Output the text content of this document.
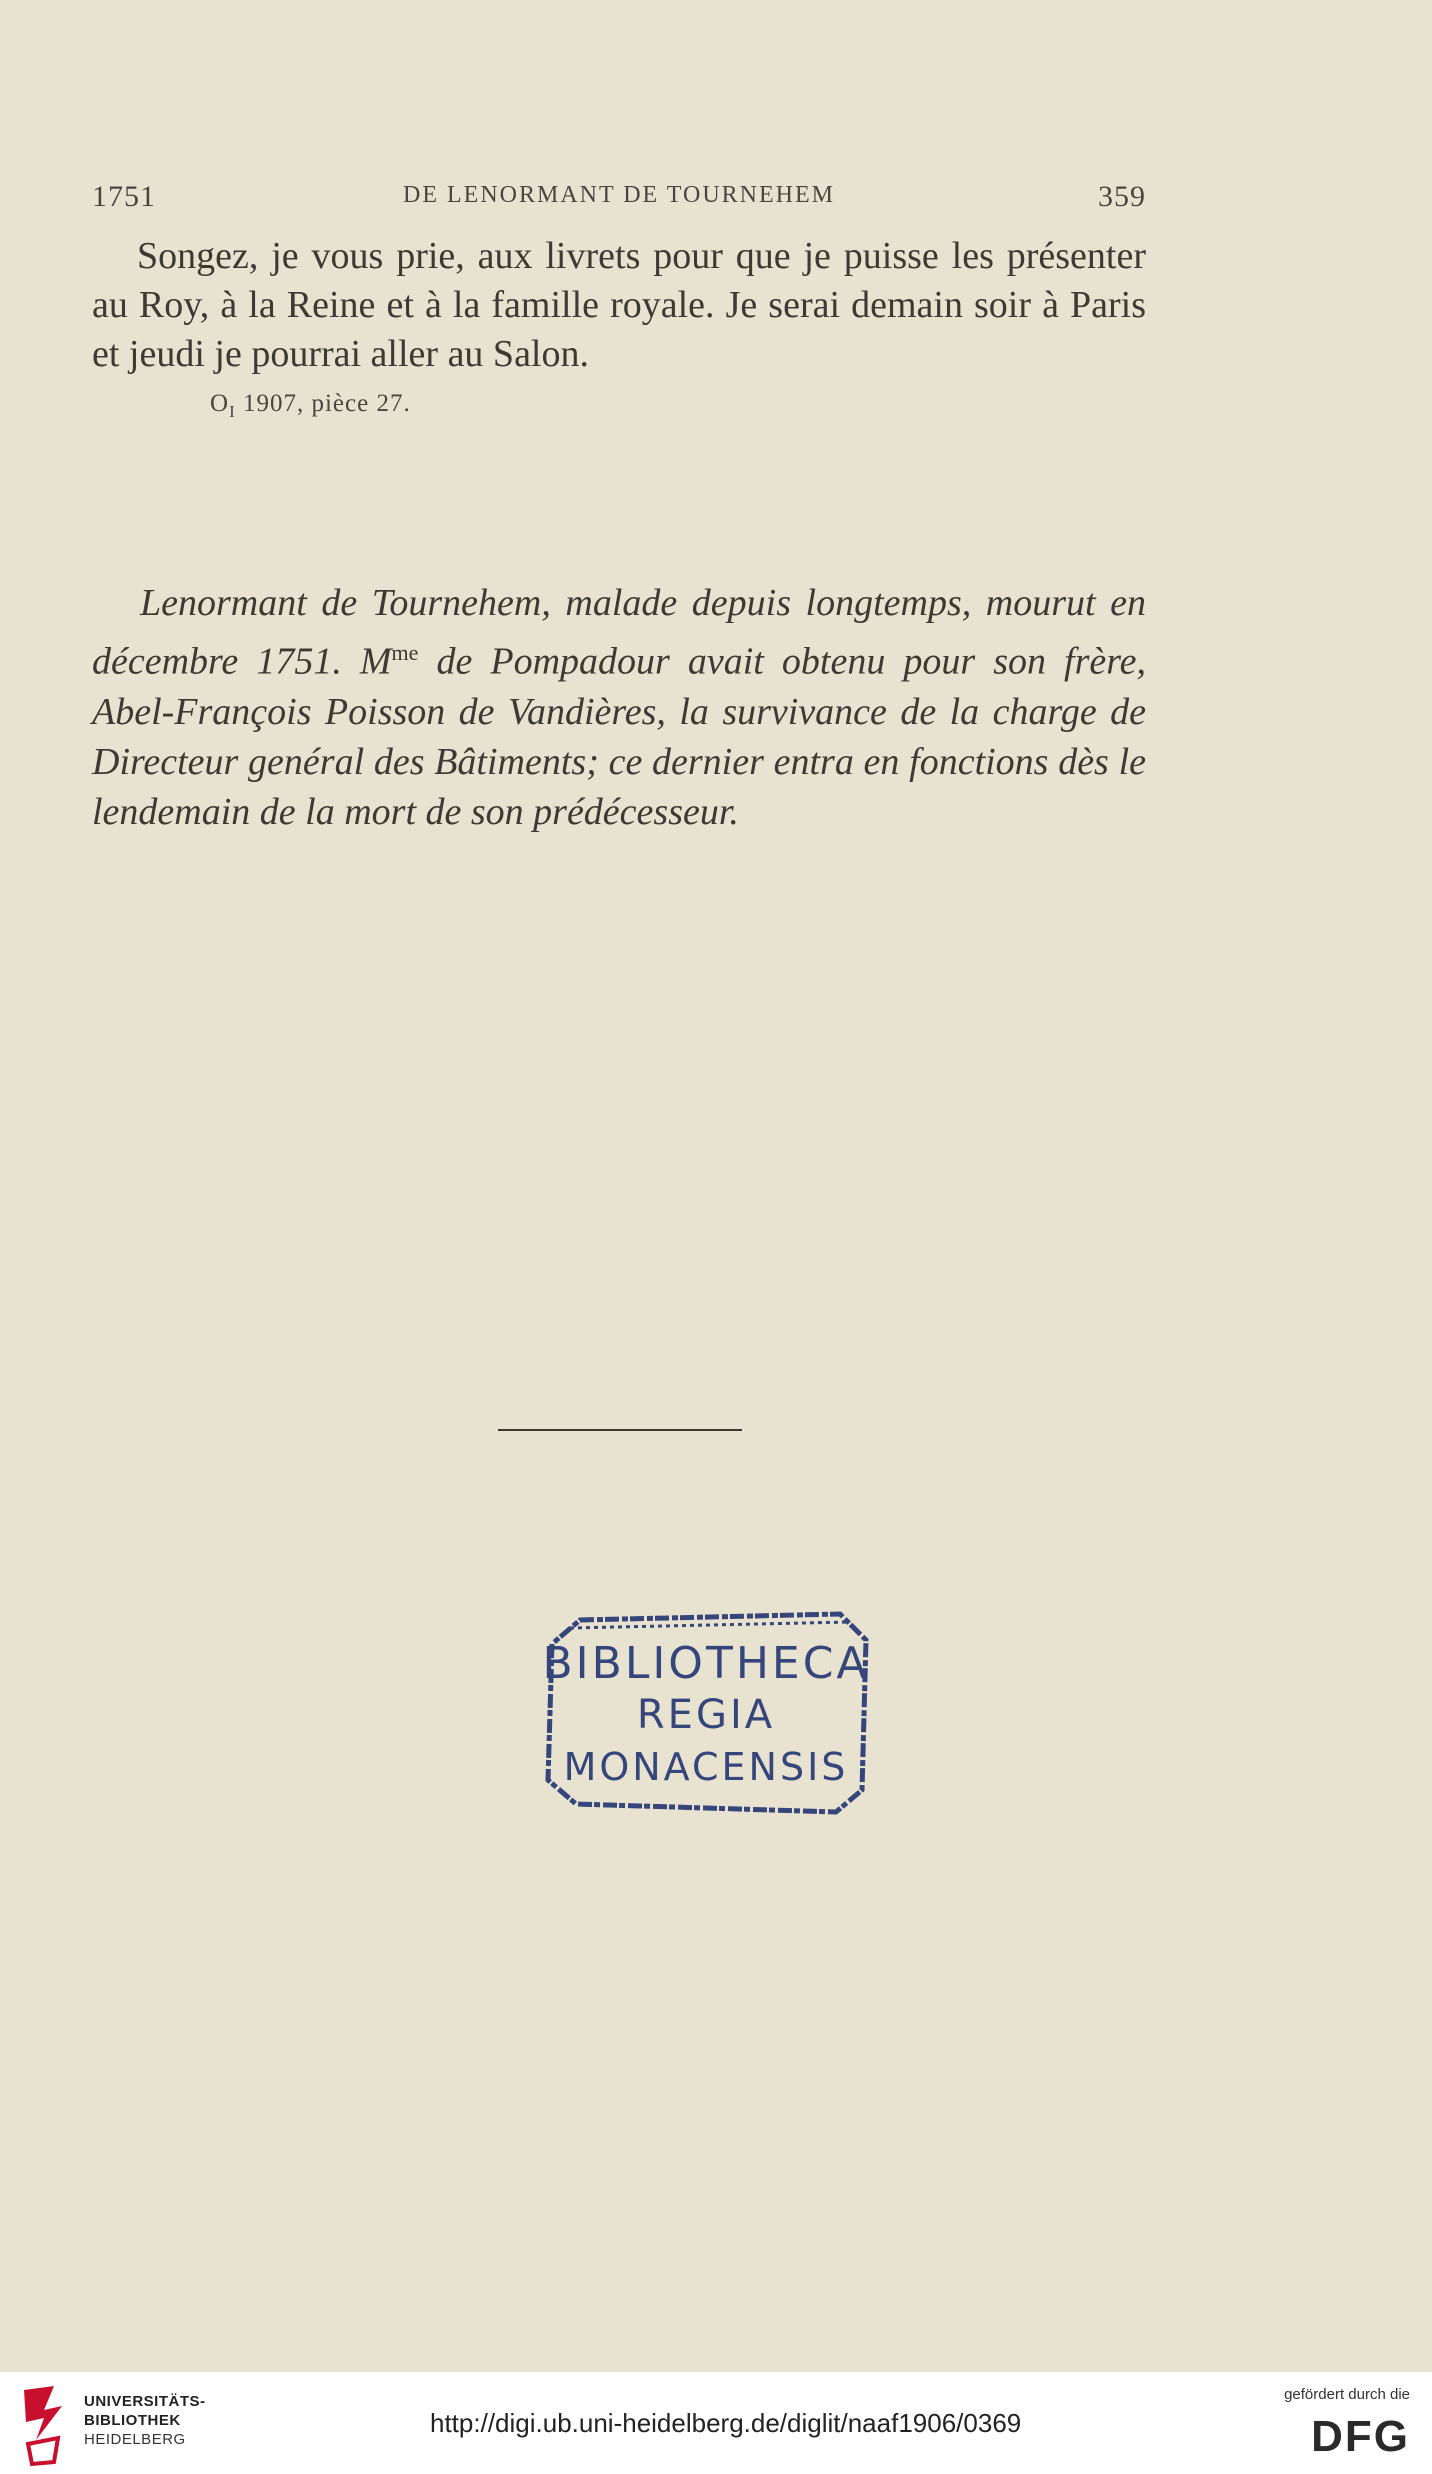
1751	DE LENORMANT DE TOURNEHEM	359
Songez, je vous prie, aux livrets pour que je puisse les présenter au Roy, à la Reine et à la famille royale. Je serai demain soir à Paris et jeudi je pourrai aller au Salon.
$O_I$ 1907, pièce 27.
Lenormant de Tournehem, malade depuis longtemps, mourut en décembre 1751. $M^{me}$ de Pompadour avait obtenu pour son frère, Abel-François Poisson de Vandières, la survivance de la charge de Directeur genéral des Bâtiments; ce dernier entra en fonctions dès le lendemain de la mort de son prédécesseur.
BIBLIOTHECA
REGIA
MONACENSIS
UNIVERSITÄTS-
BIBLIOTHEK
HEIDELBERG
http://digi.ub.uni-heidelberg.de/diglit/naaf1906/0369
gefördert durch die
DFG
